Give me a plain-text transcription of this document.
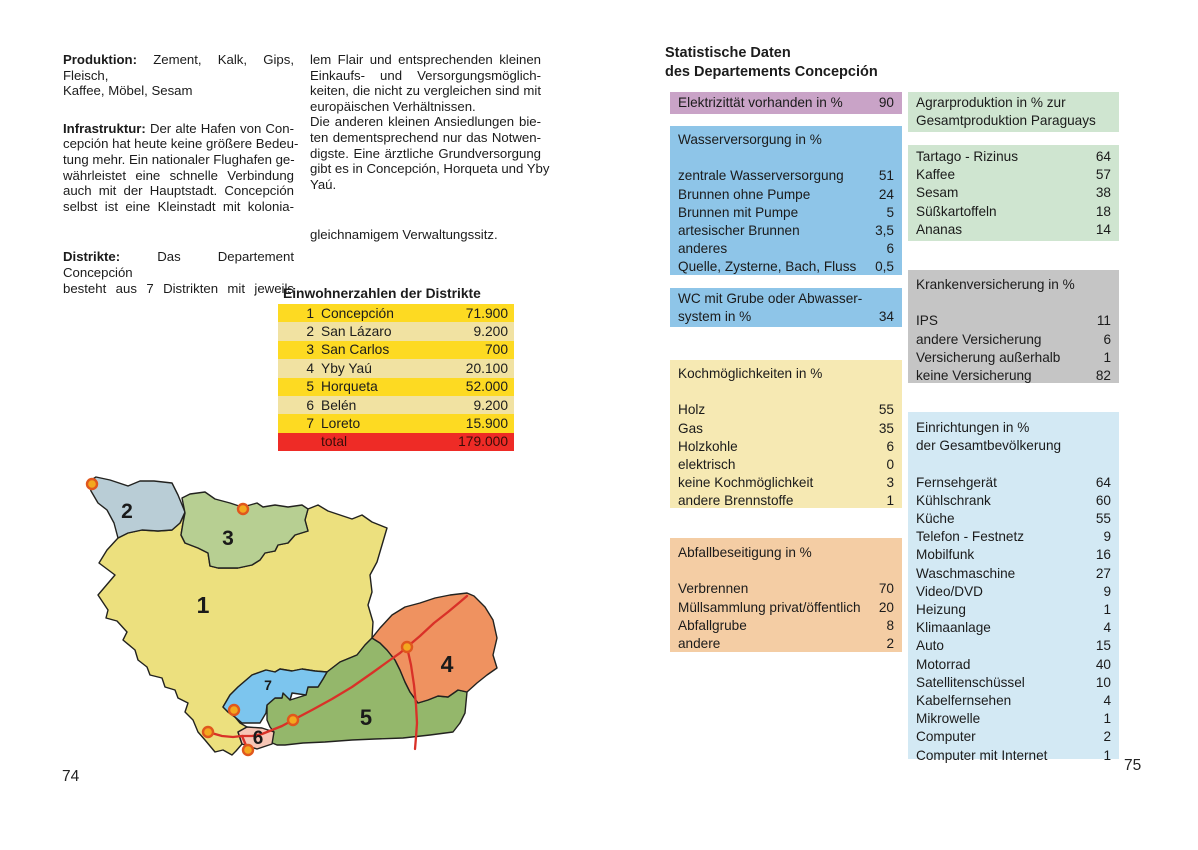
Produktion: Zement, Kalk, Gips, Fleisch,
Kaffee, Möbel, Sesam
Infrastruktur: Der alte Hafen von Con-
cepción hat heute keine größere Bedeu-
tung mehr. Ein nationaler Flughafen ge-
währleistet eine schnelle Verbindung
auch mit der Hauptstadt. Concepción
selbst ist eine Kleinstadt mit kolonia-
Distrikte:	Das Departement Concepción
besteht aus 7 Distrikten mit jeweils
lem Flair und entsprechenden kleinen
Einkaufs- und Versorgungsmöglich-
keiten, die nicht zu vergleichen sind mit
europäischen Verhältnissen.
Die anderen kleinen Ansiedlungen bie-
ten dementsprechend nur das Notwen-
digste. Eine ärztliche Grundversorgung
gibt es in Concepción, Horqueta und Yby
Yaú.
gleichnamigem Verwaltungssitz.
Einwohnerzahlen der Distrikte
1 Concepción	71.900
2 San Lázaro	9.200
3 San Carlos	700
4 Yby Yaú	20.100
5 Horqueta	52.000
6 Belén	9.200
7 Loreto	15.900
total	179.000
1
2
3
4
5
6
7
74
Statistische Daten
des Departements Concepción
Elektrizittät vorhanden in %	90
Wasserversorgung in %
zentrale Wasserversorgung	51
Brunnen ohne Pumpe	24
Brunnen mit Pumpe	5
artesischer Brunnen	3,5
anderes	6
Quelle, Zysterne, Bach, Fluss 0,5
WC mit Grube oder Abwasser-
system in %	34
Kochmöglichkeiten in %
Holz	55
Gas	35
Holzkohle	6
elektrisch	0
keine Kochmöglichkeit	3
andere Brennstoffe	1
Abfallbeseitigung in %
Verbrennen	70
Müllsammlung privat/öffentlich 20
Abfallgrube	8
andere	2
Agrarproduktion in % zur
Gesamtproduktion Paraguays
Tartago - Rizinus	64
Kaffee	57
Sesam	38
Süßkartoffeln	18
Ananas	14
Krankenversicherung in %
IPS	11
andere Versicherung	6
Versicherung außerhalb	1
keine Versicherung	82
Einrichtungen in %
der Gesamtbevölkerung
Fernsehgerät	64
Kühlschrank	60
Küche	55
Telefon - Festnetz	9
Mobilfunk	16
Waschmaschine	27
Video/DVD	9
Heizung	1
Klimaanlage	4
Auto	15
Motorrad	40
Satellitenschüssel	10
Kabelfernsehen	4
Mikrowelle	1
Computer	2
Computer mit Internet	1
75
